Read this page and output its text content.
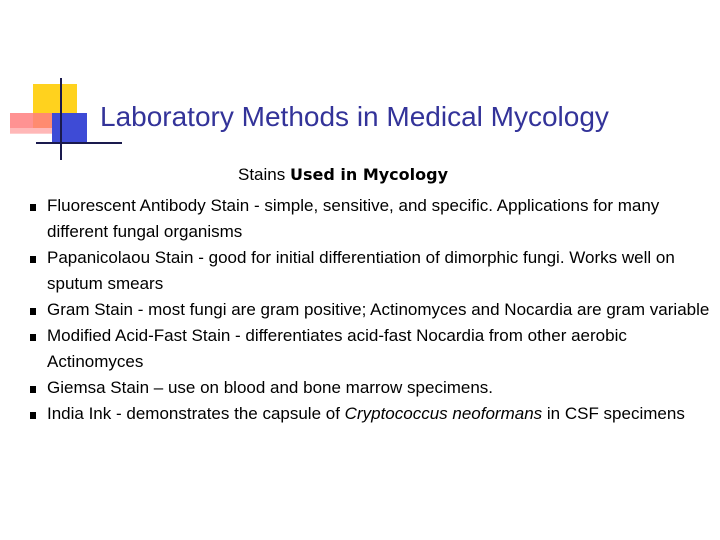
Laboratory Methods in Medical Mycology
Stains Used in Mycology
Fluorescent Antibody Stain - simple, sensitive, and specific. Applications for many different fungal organisms
Papanicolaou Stain - good for initial differentiation of dimorphic fungi. Works well on sputum smears
Gram Stain - most fungi are gram positive; Actinomyces and Nocardia are gram variable
Modified Acid-Fast Stain - differentiates acid-fast Nocardia from other aerobic Actinomyces
Giemsa Stain – use on blood and bone marrow specimens.
India Ink - demonstrates the capsule of Cryptococcus neoformans in CSF specimens
